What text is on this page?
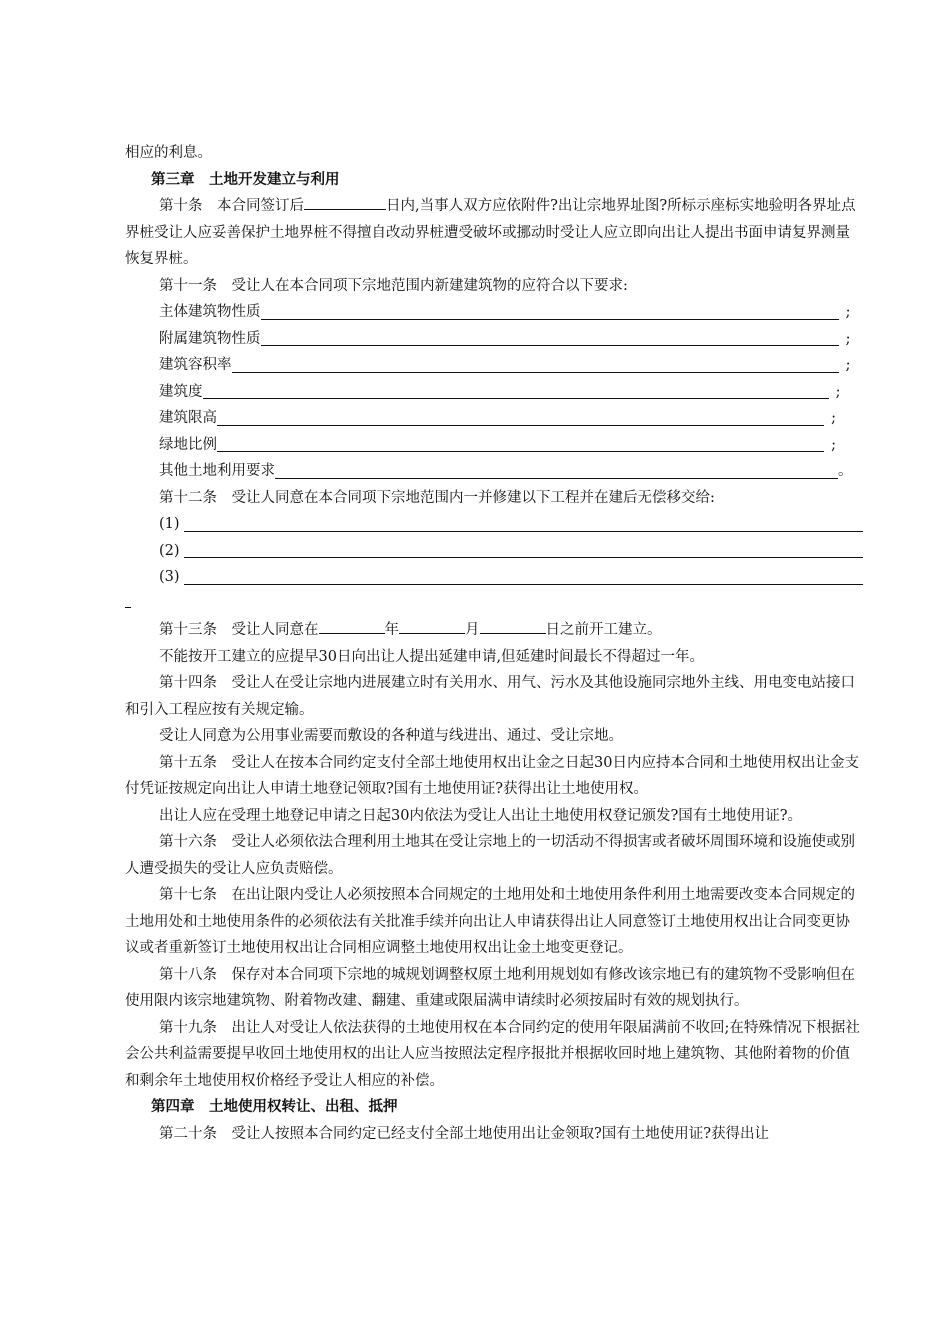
相应的利息。

第三章　土地开发建立与利用

第十条　本合同签订后	日内,当事人双方应依附件?出让宗地界址图?所标示座标实地验明各界址点界桩受让人应妥善保护土地界桩不得擅自改动界桩遭受破坏或挪动时受让人应立即向出让人提出书面申请复界测量恢复界桩。

第十一条　受让人在本合同项下宗地范围内新建建筑物的应符合以下要求:

主体建筑物性质	;
附属建筑物性质	;
建筑容积率	;
建筑度	;
建筑限高	;
绿地比例	;
其他土地利用要求	。

第十二条　受让人同意在本合同项下宗地范围内一并修建以下工程并在建后无偿移交给:

(1)
(2)
(3)

第十三条　受让人同意在	年	月	日之前开工建立。

不能按开工建立的应提早30日向出让人提出延建申请,但延建时间最长不得超过一年。

第十四条　受让人在受让宗地内进展建立时有关用水、用气、污水及其他设施同宗地外主线、用电变电站接口和引入工程应按有关规定输。

受让人同意为公用事业需要而敷设的各种道与线进出、通过、受让宗地。

第十五条　受让人在按本合同约定支付全部土地使用权出让金之日起30日内应持本合同和土地使用权出让金支付凭证按规定向出让人申请土地登记领取?国有土地使用证?获得出让土地使用权。

出让人应在受理土地登记申请之日起30内依法为受让人出让土地使用权登记颁发?国有土地使用证?。

第十六条　受让人必须依法合理利用土地其在受让宗地上的一切活动不得损害或者破坏周围环境和设施使或别人遭受损失的受让人应负责赔偿。

第十七条　在出让限内受让人必须按照本合同规定的土地用处和土地使用条件利用土地需要改变本合同规定的土地用处和土地使用条件的必须依法有关批准手续并向出让人申请获得出让人同意签订土地使用权出让合同变更协议或者重新签订土地使用权出让合同相应调整土地使用权出让金土地变更登记。

第十八条　保存对本合同项下宗地的城规划调整权原土地利用规划如有修改该宗地已有的建筑物不受影响但在使用限内该宗地建筑物、附着物改建、翻建、重建或限届满申请续时必须按届时有效的规划执行。

第十九条　出让人对受让人依法获得的土地使用权在本合同约定的使用年限届满前不收回;在特殊情况下根据社会公共利益需要提早收回土地使用权的出让人应当按照法定程序报批并根据收回时地上建筑物、其他附着物的价值和剩余年土地使用权价格经予受让人相应的补偿。

第四章　土地使用权转让、出租、抵押

第二十条　受让人按照本合同约定已经支付全部土地使用出让金领取?国有土地使用证?获得出让
